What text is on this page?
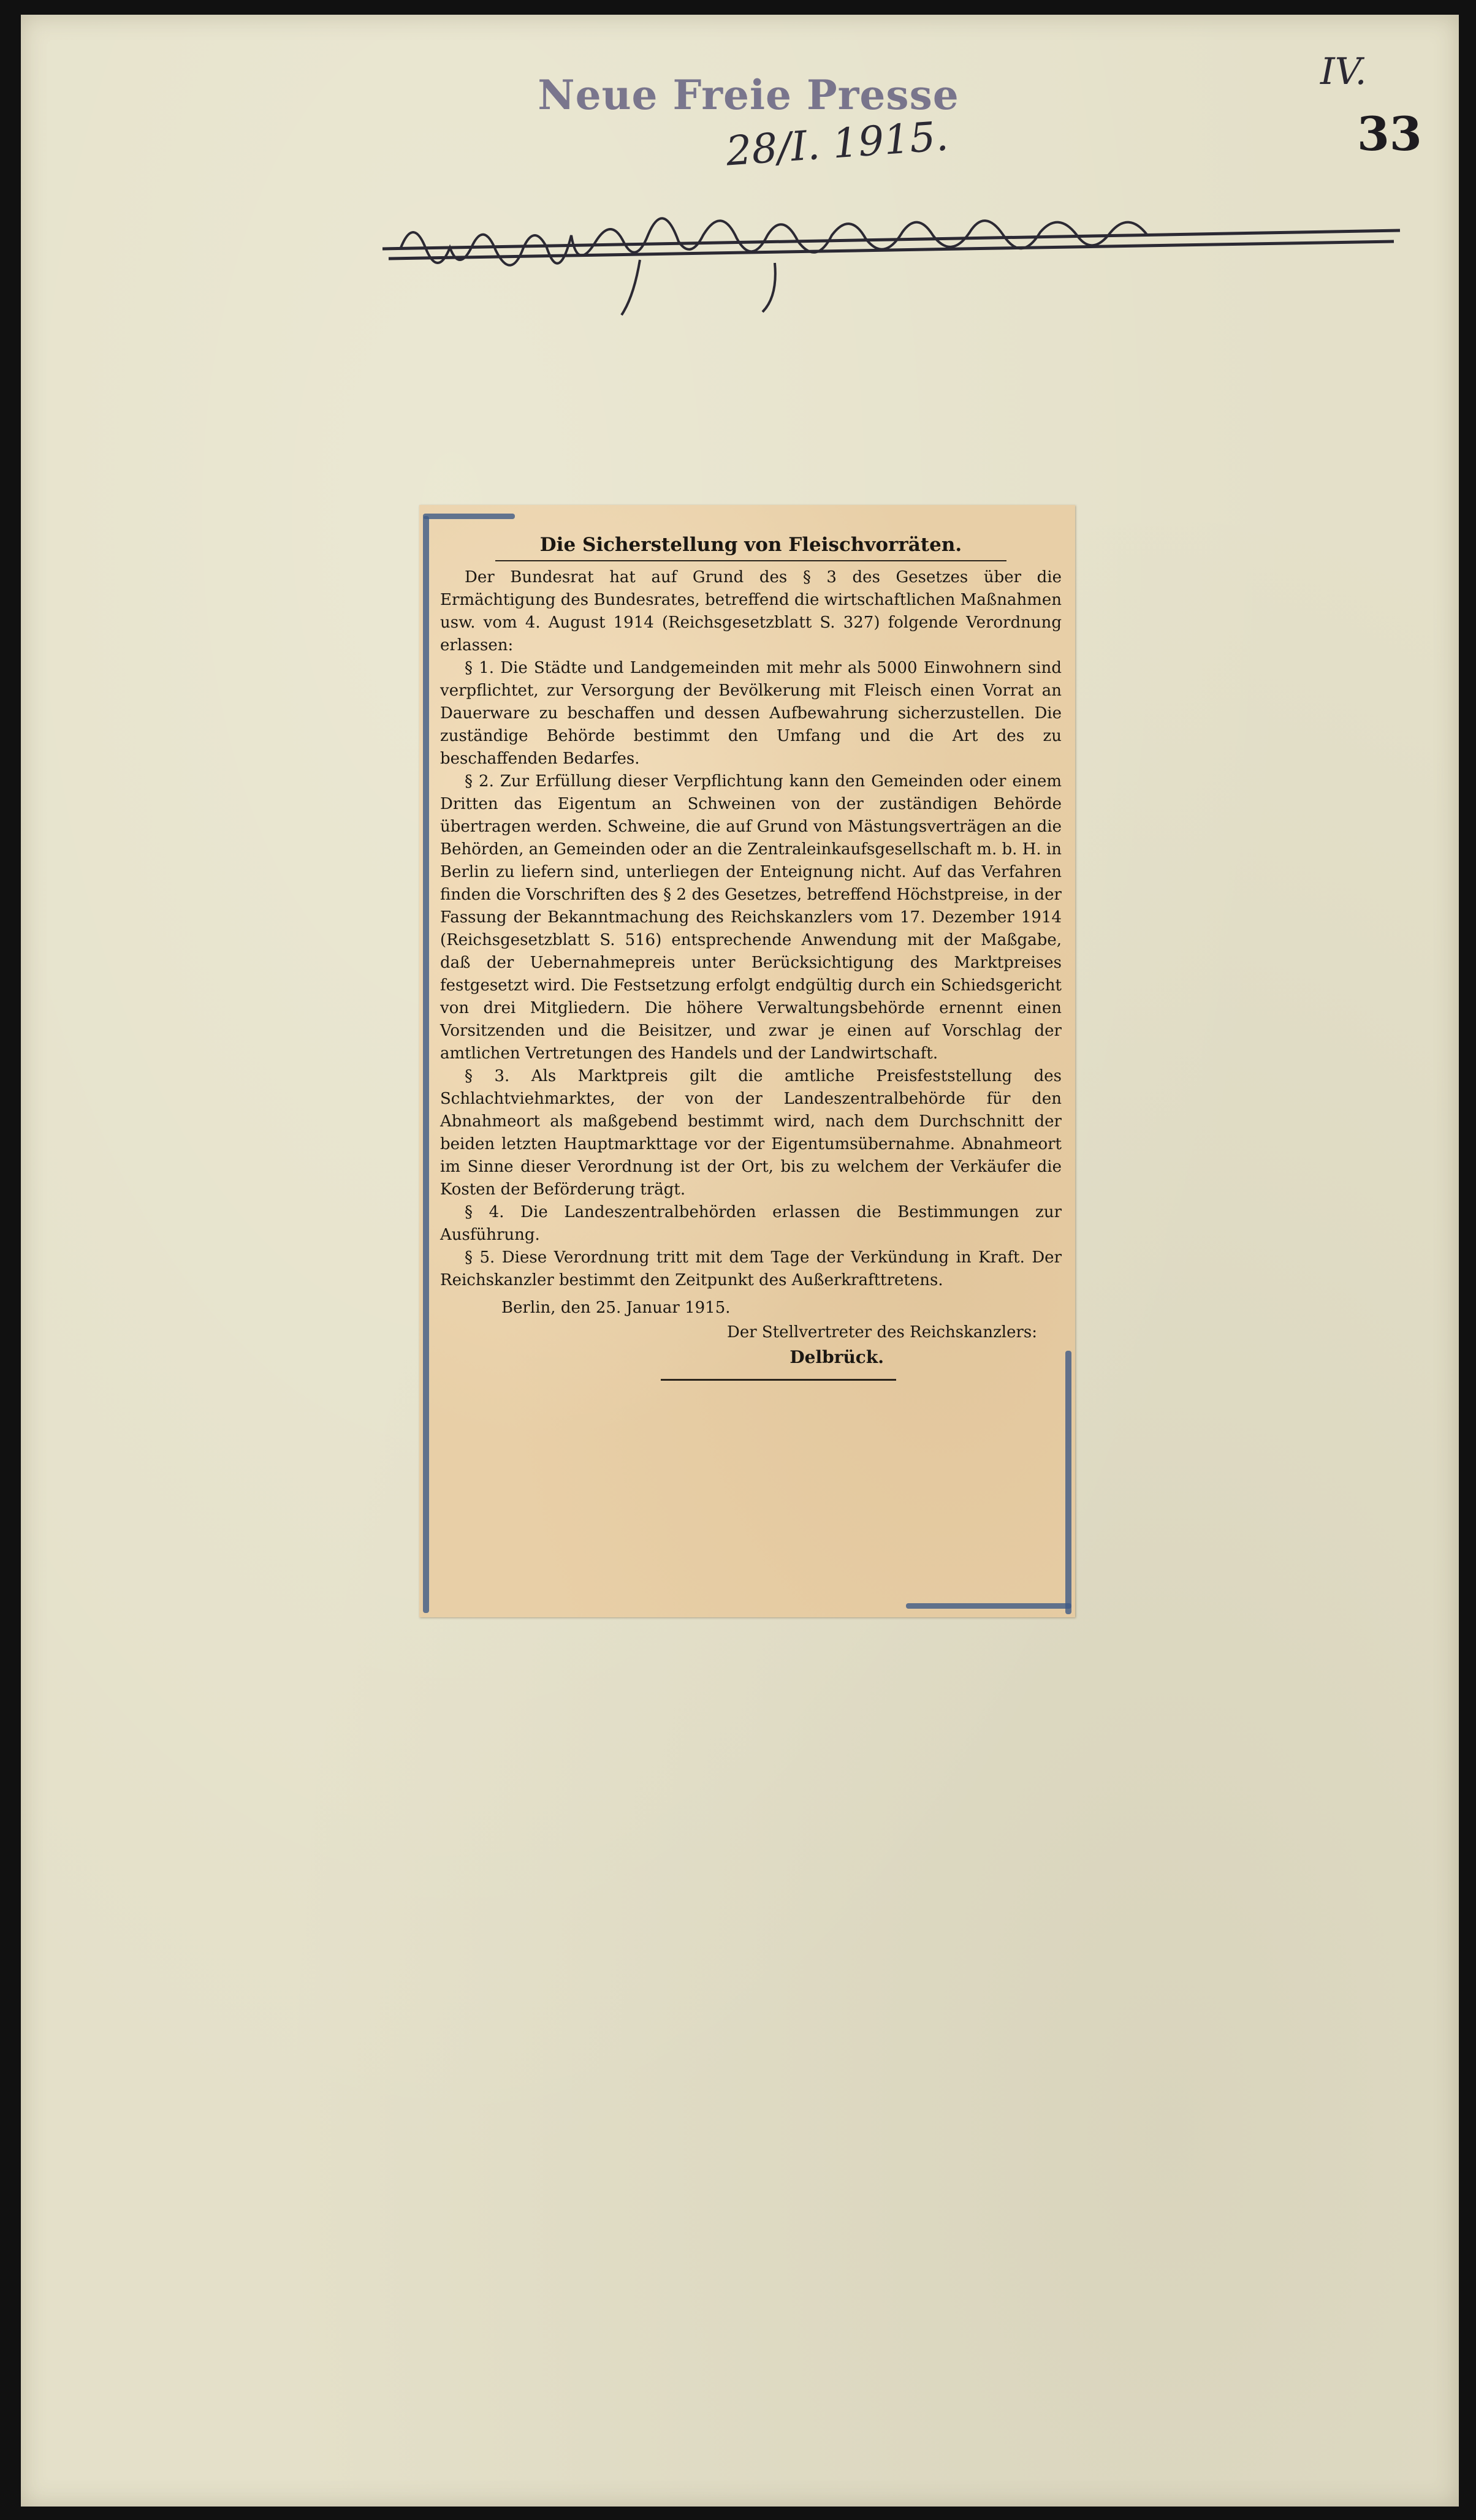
Neue Freie Presse
28/I. 1915.
IV.
33
Die Sicherstellung von Fleischvorräten.

Der Bundesrat hat auf Grund des § 3 des Gesetzes über die Ermächtigung des Bundesrates, betreffend die wirtschaftlichen Maßnahmen usw. vom 4. August 1914 (Reichsgesetzblatt S. 327) folgende Verordnung erlassen:

§ 1. Die Städte und Landgemeinden mit mehr als 5000 Einwohnern sind verpflichtet, zur Versorgung der Bevölkerung mit Fleisch einen Vorrat an Dauerware zu beschaffen und dessen Aufbewahrung sicherzustellen. Die zuständige Behörde bestimmt den Umfang und die Art des zu beschaffenden Bedarfes.

§ 2. Zur Erfüllung dieser Verpflichtung kann den Gemeinden oder einem Dritten das Eigentum an Schweinen von der zuständigen Behörde übertragen werden. Schweine, die auf Grund von Mästungsverträgen an die Behörden, an Gemeinden oder an die Zentraleinkaufsgesellschaft m. b. H. in Berlin zu liefern sind, unterliegen der Enteignung nicht. Auf das Verfahren finden die Vorschriften des § 2 des Gesetzes, betreffend Höchstpreise, in der Fassung der Bekanntmachung des Reichskanzlers vom 17. Dezember 1914 (Reichsgesetzblatt S. 516) entsprechende Anwendung mit der Maßgabe, daß der Uebernahmepreis unter Berücksichtigung des Marktpreises festgesetzt wird. Die Festsetzung erfolgt endgültig durch ein Schiedsgericht von drei Mitgliedern. Die höhere Verwaltungsbehörde ernennt einen Vorsitzenden und die Beisitzer, und zwar je einen auf Vorschlag der amtlichen Vertretungen des Handels und der Landwirtschaft.

§ 3. Als Marktpreis gilt die amtliche Preisfeststellung des Schlachtviehmarktes, der von der Landeszentralbehörde für den Abnahmeort als maßgebend bestimmt wird, nach dem Durchschnitt der beiden letzten Hauptmarkttage vor der Eigentumsübernahme. Abnahmeort im Sinne dieser Verordnung ist der Ort, bis zu welchem der Verkäufer die Kosten der Beförderung trägt.

§ 4. Die Landeszentralbehörden erlassen die Bestimmungen zur Ausführung.

§ 5. Diese Verordnung tritt mit dem Tage der Verkündung in Kraft. Der Reichskanzler bestimmt den Zeitpunkt des Außerkrafttretens.

Berlin, den 25. Januar 1915.

Der Stellvertreter des Reichskanzlers:

Delbrück.
